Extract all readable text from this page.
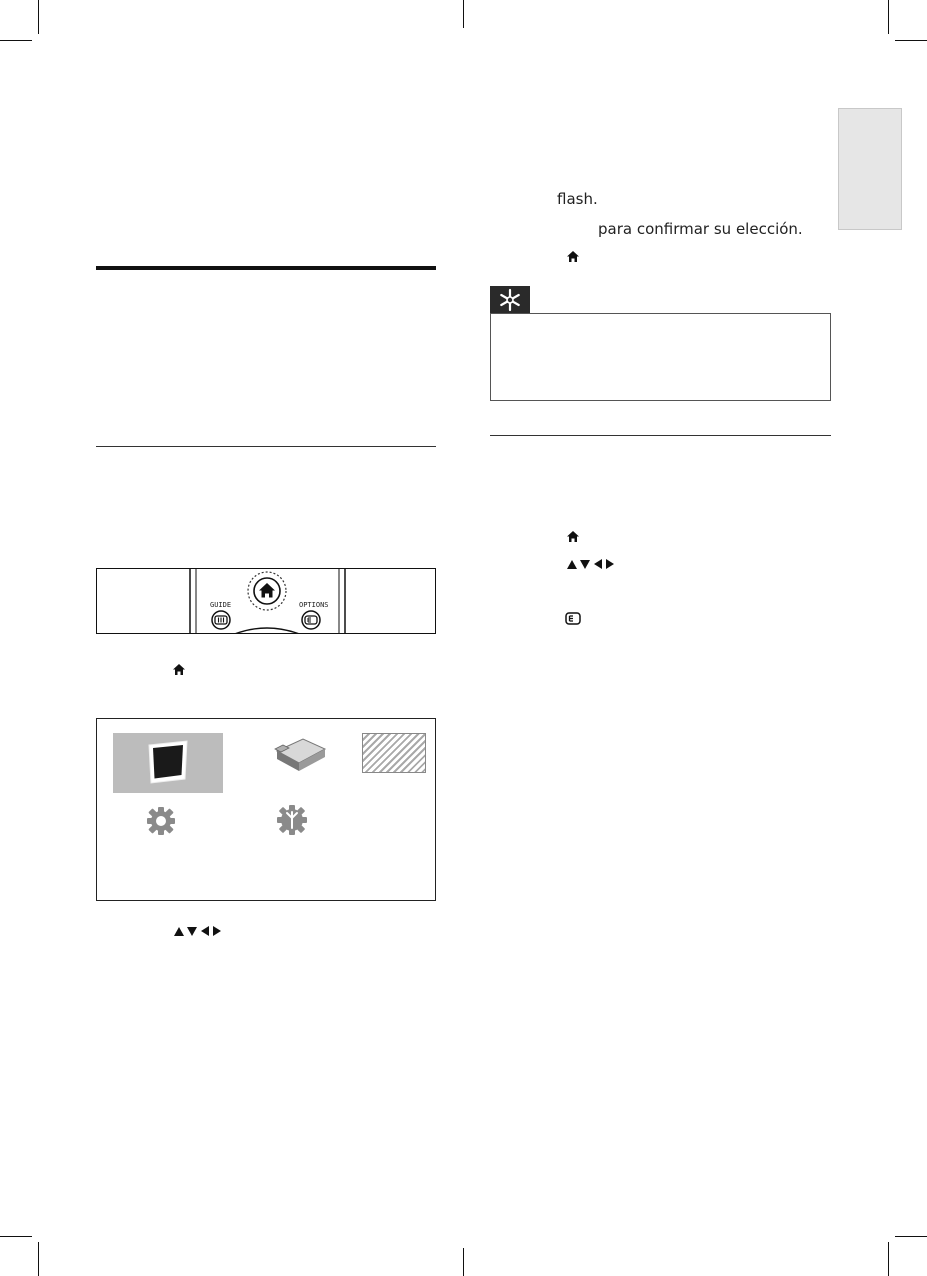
flash.
para confirmar su elección.
GUIDE	OPTIONS
